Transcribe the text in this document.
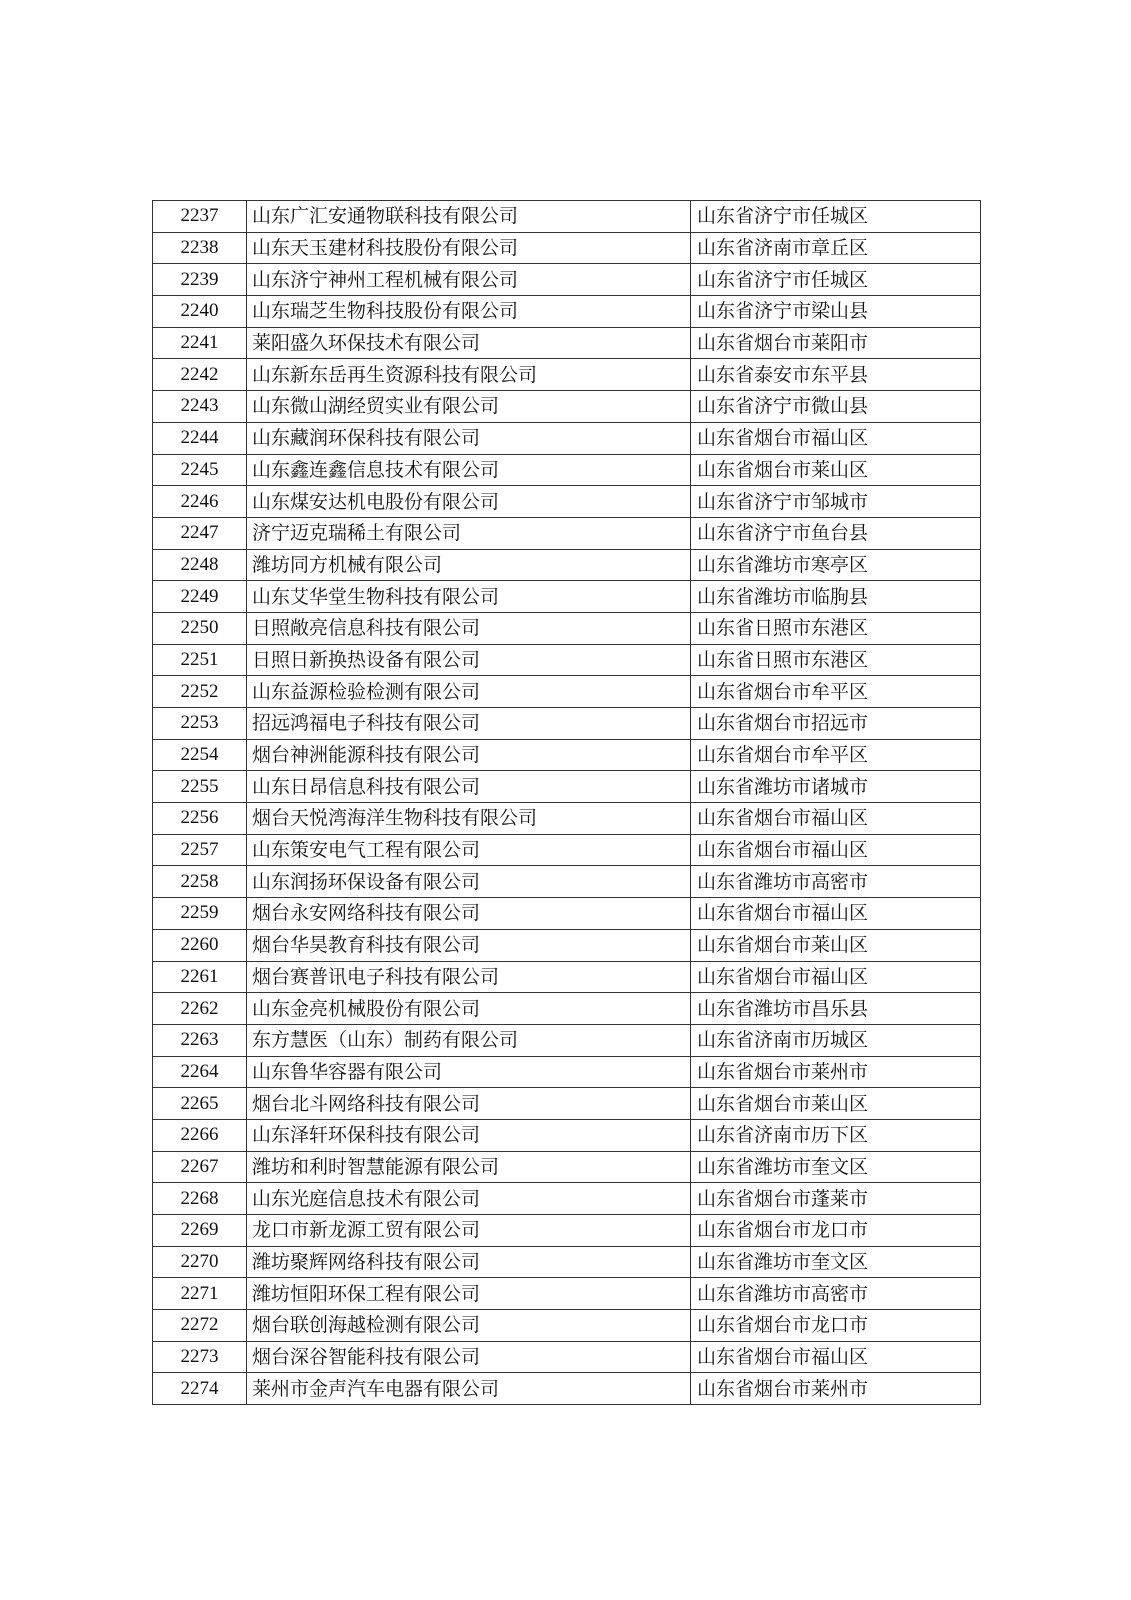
2237	山东广汇安通物联科技有限公司	山东省济宁市任城区
2238	山东天玉建材科技股份有限公司	山东省济南市章丘区
2239	山东济宁神州工程机械有限公司	山东省济宁市任城区
2240	山东瑞芝生物科技股份有限公司	山东省济宁市梁山县
2241	莱阳盛久环保技术有限公司	山东省烟台市莱阳市
2242	山东新东岳再生资源科技有限公司	山东省泰安市东平县
2243	山东微山湖经贸实业有限公司	山东省济宁市微山县
2244	山东藏润环保科技有限公司	山东省烟台市福山区
2245	山东鑫连鑫信息技术有限公司	山东省烟台市莱山区
2246	山东煤安达机电股份有限公司	山东省济宁市邹城市
2247	济宁迈克瑞稀土有限公司	山东省济宁市鱼台县
2248	潍坊同方机械有限公司	山东省潍坊市寒亭区
2249	山东艾华堂生物科技有限公司	山东省潍坊市临朐县
2250	日照敞亮信息科技有限公司	山东省日照市东港区
2251	日照日新换热设备有限公司	山东省日照市东港区
2252	山东益源检验检测有限公司	山东省烟台市牟平区
2253	招远鸿福电子科技有限公司	山东省烟台市招远市
2254	烟台神洲能源科技有限公司	山东省烟台市牟平区
2255	山东日昂信息科技有限公司	山东省潍坊市诸城市
2256	烟台天悦湾海洋生物科技有限公司	山东省烟台市福山区
2257	山东策安电气工程有限公司	山东省烟台市福山区
2258	山东润扬环保设备有限公司	山东省潍坊市高密市
2259	烟台永安网络科技有限公司	山东省烟台市福山区
2260	烟台华昊教育科技有限公司	山东省烟台市莱山区
2261	烟台赛普讯电子科技有限公司	山东省烟台市福山区
2262	山东金亮机械股份有限公司	山东省潍坊市昌乐县
2263	东方慧医（山东）制药有限公司	山东省济南市历城区
2264	山东鲁华容器有限公司	山东省烟台市莱州市
2265	烟台北斗网络科技有限公司	山东省烟台市莱山区
2266	山东泽轩环保科技有限公司	山东省济南市历下区
2267	潍坊和利时智慧能源有限公司	山东省潍坊市奎文区
2268	山东光庭信息技术有限公司	山东省烟台市蓬莱市
2269	龙口市新龙源工贸有限公司	山东省烟台市龙口市
2270	潍坊聚辉网络科技有限公司	山东省潍坊市奎文区
2271	潍坊恒阳环保工程有限公司	山东省潍坊市高密市
2272	烟台联创海越检测有限公司	山东省烟台市龙口市
2273	烟台深谷智能科技有限公司	山东省烟台市福山区
2274	莱州市金声汽车电器有限公司	山东省烟台市莱州市
